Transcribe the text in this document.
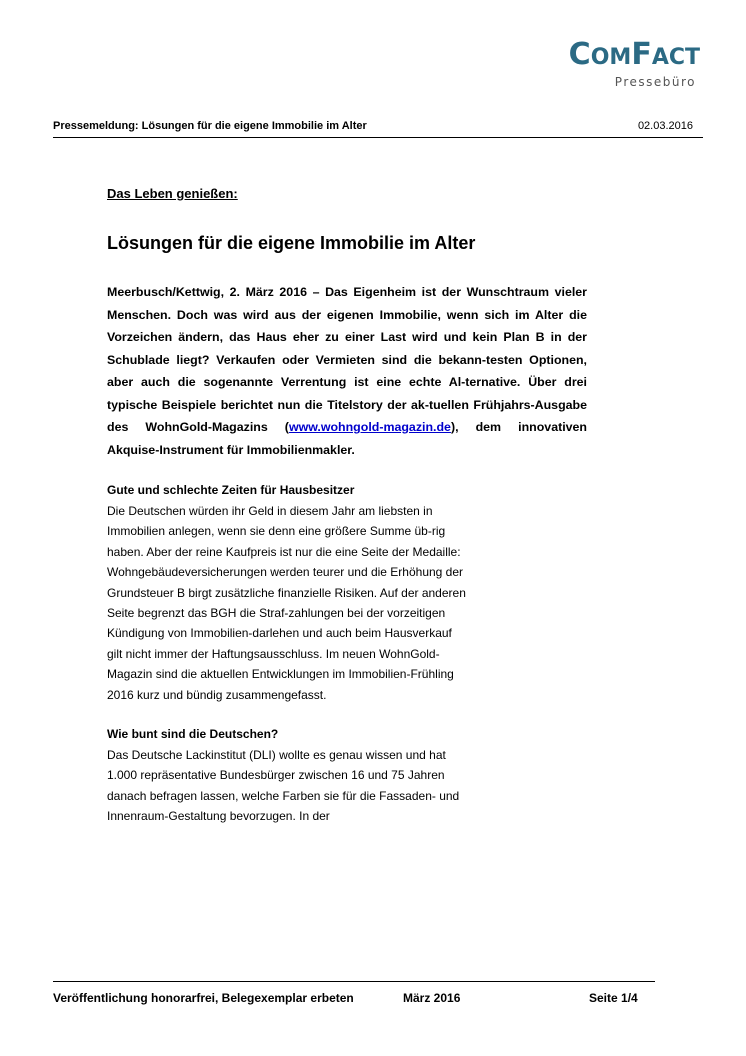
COMFACT
Pressebüro
Pressemeldung: Lösungen für die eigene Immobilie im Alter	02.03.2016

Das Leben genießen:

Lösungen für die eigene Immobilie im Alter

Meerbusch/Kettwig, 2. März 2016 – Das Eigenheim ist der Wunschtraum vieler Menschen. Doch was wird aus der eigenen Immobilie, wenn sich im Alter die Vorzeichen ändern, das Haus eher zu einer Last wird und kein Plan B in der Schublade liegt? Verkaufen oder Vermieten sind die bekann-testen Optionen, aber auch die sogenannte Verrentung ist eine echte Al-ternative. Über drei typische Beispiele berichtet nun die Titelstory der ak-tuellen Frühjahrs-Ausgabe des WohnGold-Magazins (www.wohngold-magazin.de), dem innovativen Akquise-Instrument für Immobilienmakler.

Gute und schlechte Zeiten für Hausbesitzer

Die Deutschen würden ihr Geld in diesem Jahr am liebsten in Immobilien anlegen, wenn sie denn eine größere Summe üb-rig haben. Aber der reine Kaufpreis ist nur die eine Seite der Medaille: Wohngebäudeversicherungen werden teurer und die Erhöhung der Grundsteuer B birgt zusätzliche finanzielle Risiken. Auf der anderen Seite begrenzt das BGH die Straf-zahlungen bei der vorzeitigen Kündigung von Immobilien-darlehen und auch beim Hausverkauf gilt nicht immer der Haftungsausschluss. Im neuen WohnGold-Magazin sind die aktuellen Entwicklungen im Immobilien-Frühling 2016 kurz und bündig zusammengefasst.

Wie bunt sind die Deutschen?

Das Deutsche Lackinstitut (DLI) wollte es genau wissen und hat 1.000 repräsentative Bundesbürger zwischen 16 und 75 Jahren danach befragen lassen, welche Farben sie für die Fassaden- und Innenraum-Gestaltung bevorzugen. In der

Veröffentlichung honorarfrei, Belegexemplar erbeten	März 2016	Seite 1/4
